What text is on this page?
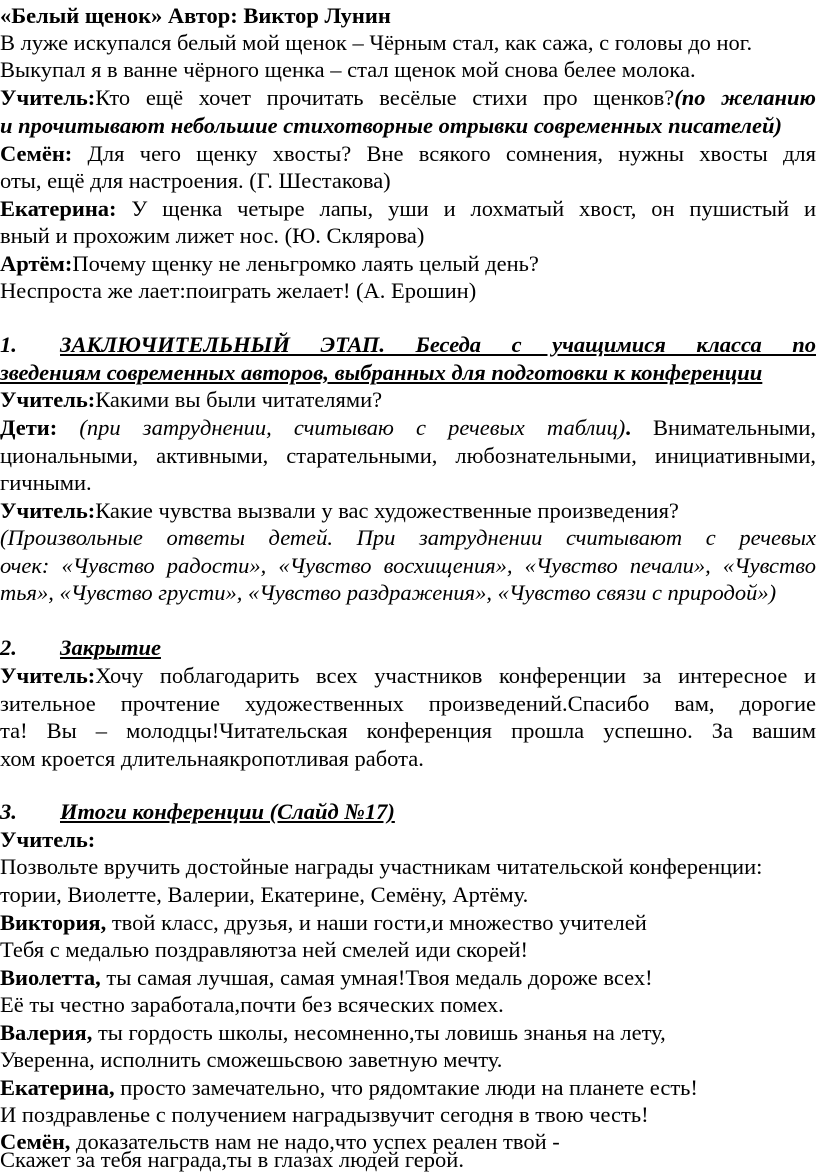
«Белый щенок» Автор: Виктор Лунин
В луже искупался белый мой щенок – Чёрным стал, как сажа, с головы до ног.
Выкупал я в ванне чёрного щенка – стал щенок мой снова белее молока.
Учитель:Кто ещё хочет прочитать весёлые стихи про щенков?(по желанию
и прочитывают небольшие стихотворные отрывки современных писателей)
Семён: Для чего щенку хвосты? Вне всякого сомнения, нужны хвосты для
оты, ещё для настроения. (Г. Шестакова)
Екатерина: У щенка четыре лапы, уши и лохматый хвост, он пушистый и
вный и прохожим лижет нос. (Ю. Склярова)
Артём:Почему щенку не леньгромко лаять целый день?
Неспроста же лает:поиграть желает! (А. Ерошин)
1. ЗАКЛЮЧИТЕЛЬНЫЙ ЭТАП. Беседа с учащимися класса по
зведениям современных авторов, выбранных для подготовки к конференции
Учитель:Какими вы были читателями?
Дети: (при затруднении, считываю с речевых таблиц). Внимательными,
циональными, активными, старательными, любознательными, инициативными,
гичными.
Учитель:Какие чувства вызвали у вас художественные произведения?
(Произвольные ответы детей. При затруднении считывают с речевых
очек: «Чувство радости», «Чувство восхищения», «Чувство печали», «Чувство
тья», «Чувство грусти», «Чувство раздражения», «Чувство связи с природой»)
2. Закрытие
Учитель:Хочу поблагодарить всех участников конференции за интересное и
зительное прочтение художественных произведений.Спасибо вам, дорогие
та! Вы – молодцы!Читательская конференция прошла успешно. За вашим
хом кроется длительнаякропотливая работа.
3. Итоги конференции (Слайд №17)
Учитель:
Позвольте вручить достойные награды участникам читательской конференции:
тории, Виолетте, Валерии, Екатерине, Семёну, Артёму.
Виктория, твой класс, друзья, и наши гости,и множество учителей
Тебя с медалью поздравляютза ней смелей иди скорей!
Виолетта, ты самая лучшая, самая умная!Твоя медаль дороже всех!
Её ты честно заработала,почти без всяческих помех.
Валерия, ты гордость школы, несомненно,ты ловишь знанья на лету,
Уверенна, исполнить сможешьсвою заветную мечту.
Екатерина, просто замечательно, что рядомтакие люди на планете есть!
И поздравленье с получением наградызвучит сегодня в твою честь!
Семён, доказательств нам не надо,что успех реален твой -
Скажет за тебя награда,ты в глазах людей герой.
